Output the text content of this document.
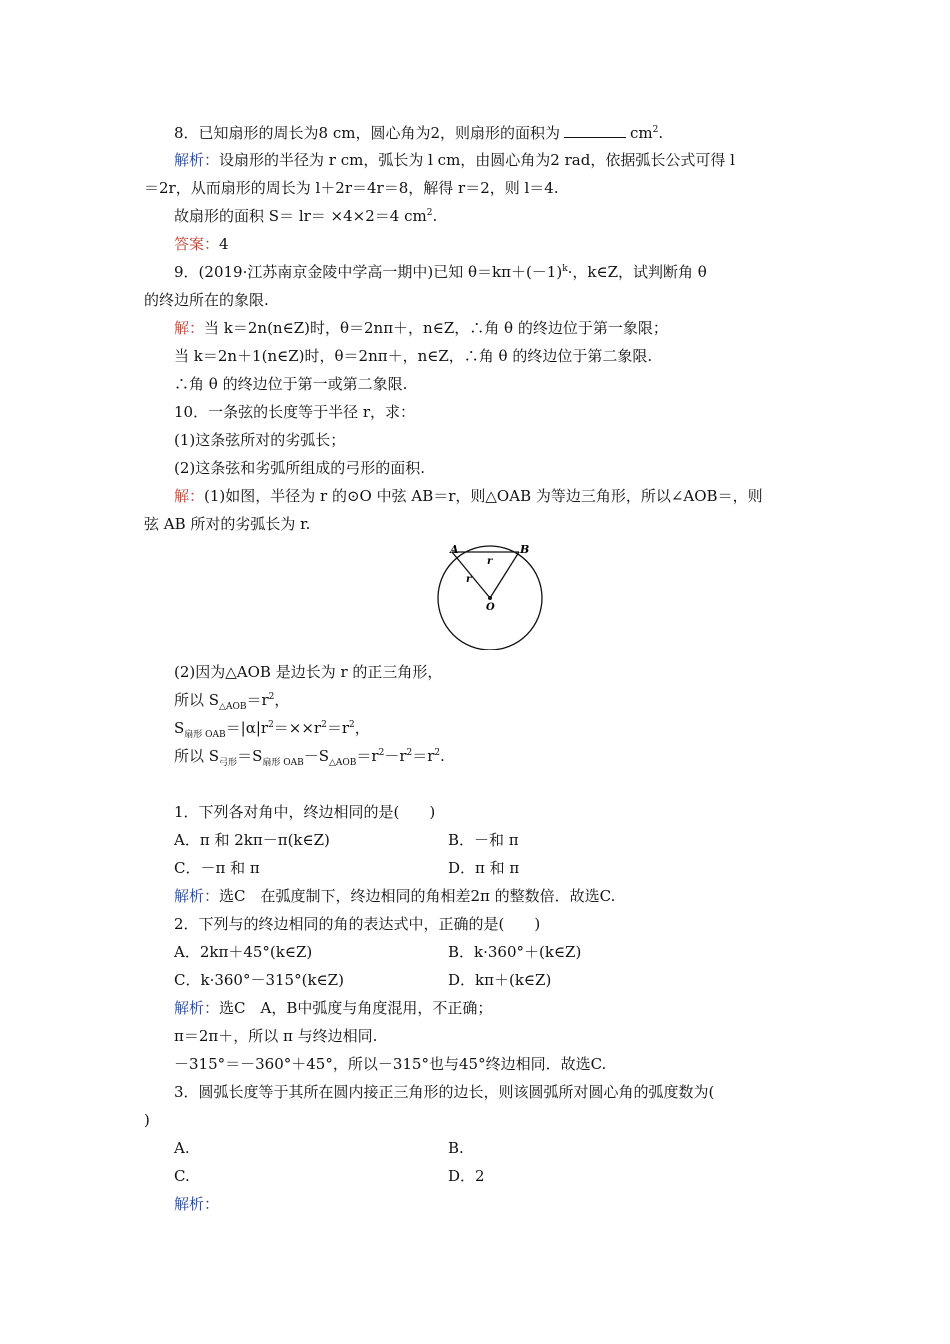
8．已知扇形的周长为8 cm，圆心角为2，则扇形的面积为	$cm^2$.
解析：设扇形的半径为 r cm，弧长为 l cm，由圆心角为2 rad，依据弧长公式可得 l
＝2r，从而扇形的周长为 l＋2r＝4r＝8，解得 r＝2，则 l＝4.
故扇形的面积 S＝ lr＝ ×4×2＝4 $cm^2$.
答案：4
9．(2019·江苏南京金陵中学高一期中)已知 $\theta=k\pi+(-1)^k\cdot$，k∈Z，试判断角 θ
的终边所在的象限.
解：当 k＝2n(n∈Z)时，θ＝2nπ＋，n∈Z，∴角 θ 的终边位于第一象限；
当 k＝2n＋1(n∈Z)时，θ＝2nπ＋，n∈Z，∴角 θ 的终边位于第二象限.
∴角 θ 的终边位于第一或第二象限.
10．一条弦的长度等于半径 r，求：
(1)这条弦所对的劣弧长；
(2)这条弦和劣弧所组成的弓形的面积.
解：(1)如图，半径为 r 的⊙O 中弦 AB＝r，则△OAB 为等边三角形，所以∠AOB＝，则
弦 AB 所对的劣弧长为 r.
A	B
O
r
r
(2)因为△AOB 是边长为 r 的正三角形，
所以 $S_{\triangle AOB}=r^2$，
$S_{扇形 OAB}=|\alpha|r^2=\times\times r^2=r^2$，
所以 $S_{弓形}=S_{扇形 OAB}-S_{\triangle AOB}=r^2-r^2=r^2$.
1．下列各对角中，终边相同的是(　　)
A．π 和 2kπ－π(k∈Z)	B．－和 π
C．－π 和 π	D．π 和 π
解析：选C　在弧度制下，终边相同的角相差2π 的整数倍．故选C.
2．下列与的终边相同的角的表达式中，正确的是(　　)
A．2kπ＋45°(k∈Z)	B．k·360°＋(k∈Z)
C．k·360°－315°(k∈Z)	D．kπ＋(k∈Z)
解析：选C　A，B中弧度与角度混用，不正确；
π＝2π＋，所以 π 与终边相同.
－315°＝－360°＋45°，所以－315°也与45°终边相同．故选C.
3．圆弧长度等于其所在圆内接正三角形的边长，则该圆弧所对圆心角的弧度数为(
)
A.	B.
C.	D．2
解析：
